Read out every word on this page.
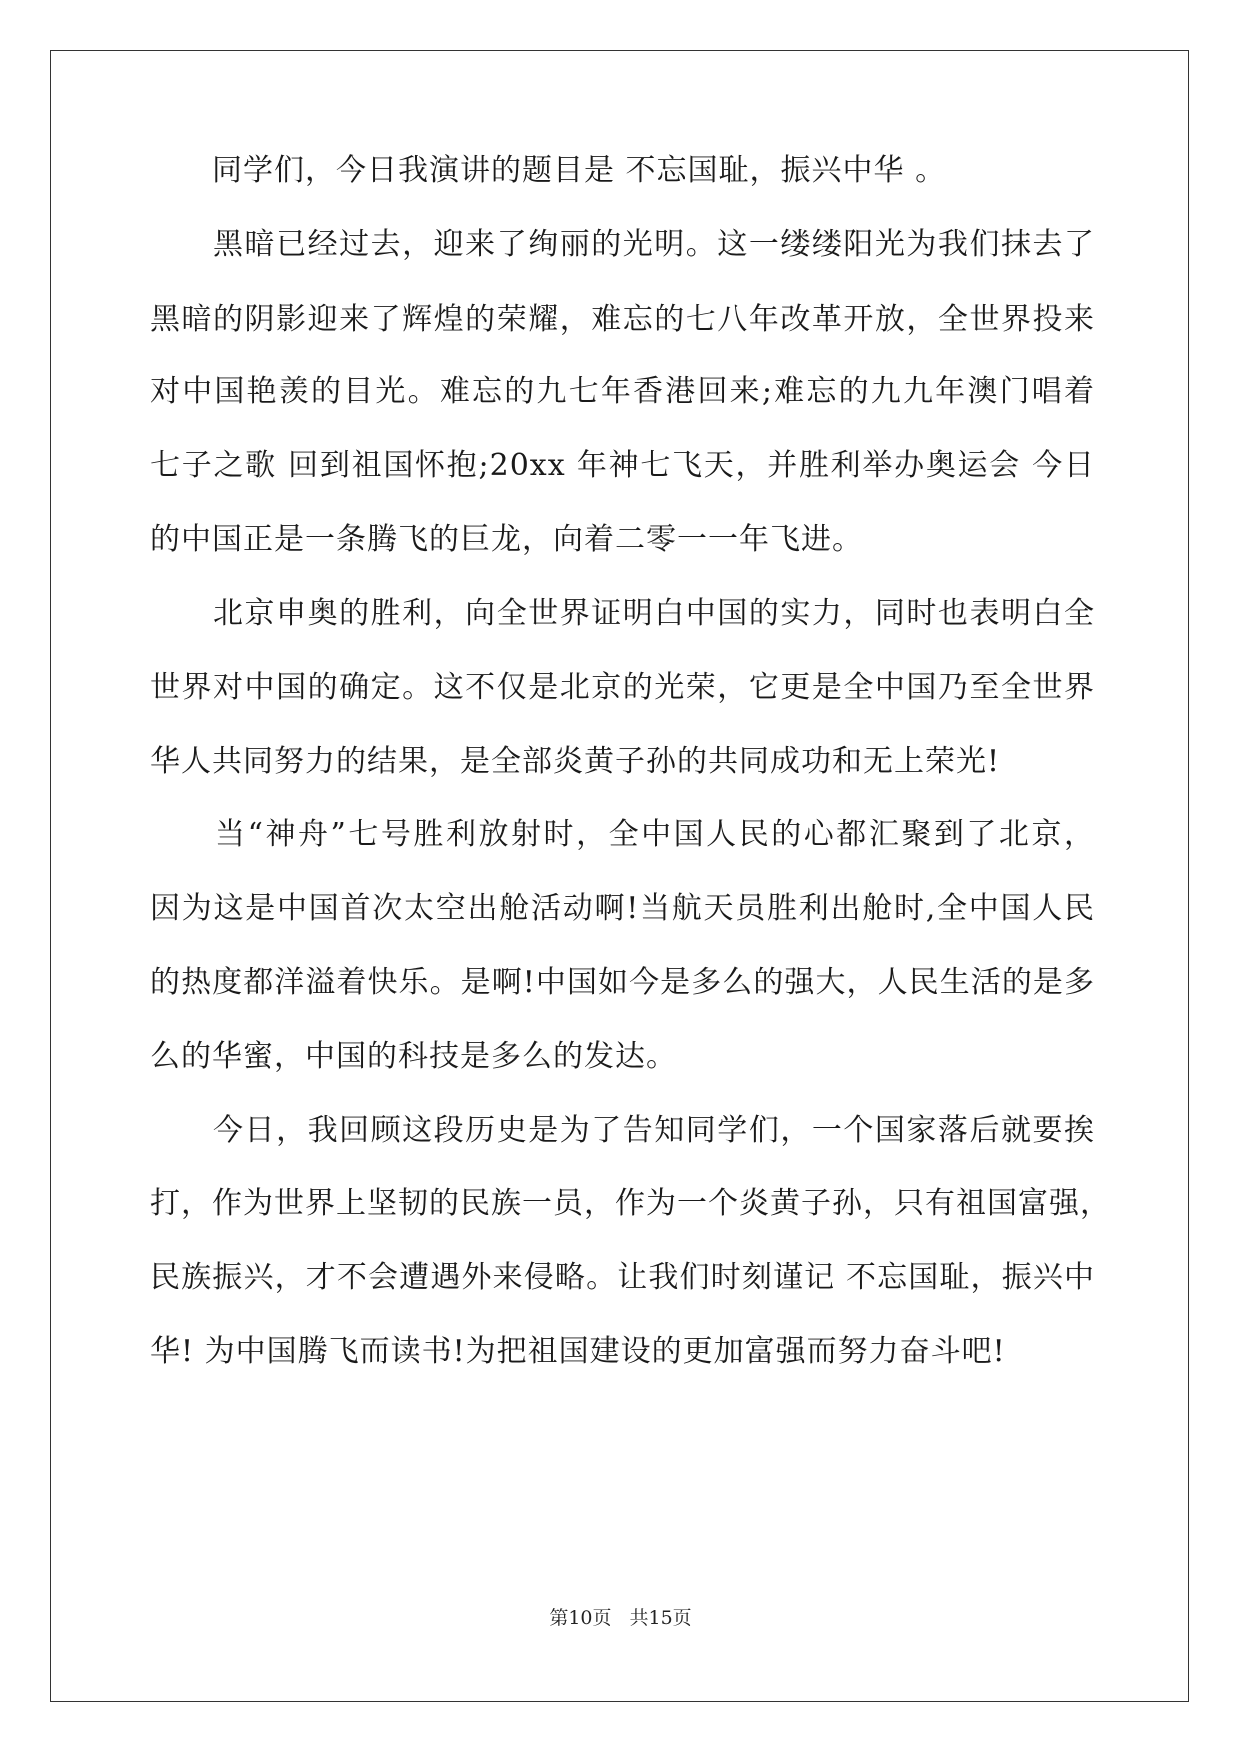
　　同学们，今日我演讲的题目是 不忘国耻，振兴中华 。
　　黑暗已经过去，迎来了绚丽的光明。这一缕缕阳光为我们抹去了
黑暗的阴影迎来了辉煌的荣耀，难忘的七八年改革开放，全世界投来
对中国艳羡的目光。难忘的九七年香港回来;难忘的九九年澳门唱着
七子之歌 回到祖国怀抱;20xx 年神七飞天，并胜利举办奥运会 今日
的中国正是一条腾飞的巨龙，向着二零一一年飞进。
　　北京申奥的胜利，向全世界证明白中国的实力，同时也表明白全
世界对中国的确定。这不仅是北京的光荣，它更是全中国乃至全世界
华人共同努力的结果，是全部炎黄子孙的共同成功和无上荣光!
　　当“神舟”七号胜利放射时，全中国人民的心都汇聚到了北京，
因为这是中国首次太空出舱活动啊!当航天员胜利出舱时,全中国人民
的热度都洋溢着快乐。是啊!中国如今是多么的强大，人民生活的是多
么的华蜜，中国的科技是多么的发达。
　　今日，我回顾这段历史是为了告知同学们，一个国家落后就要挨
打，作为世界上坚韧的民族一员，作为一个炎黄子孙，只有祖国富强，
民族振兴，才不会遭遇外来侵略。让我们时刻谨记 不忘国耻，振兴中
华! 为中国腾飞而读书!为把祖国建设的更加富强而努力奋斗吧!
第10页 共15页
